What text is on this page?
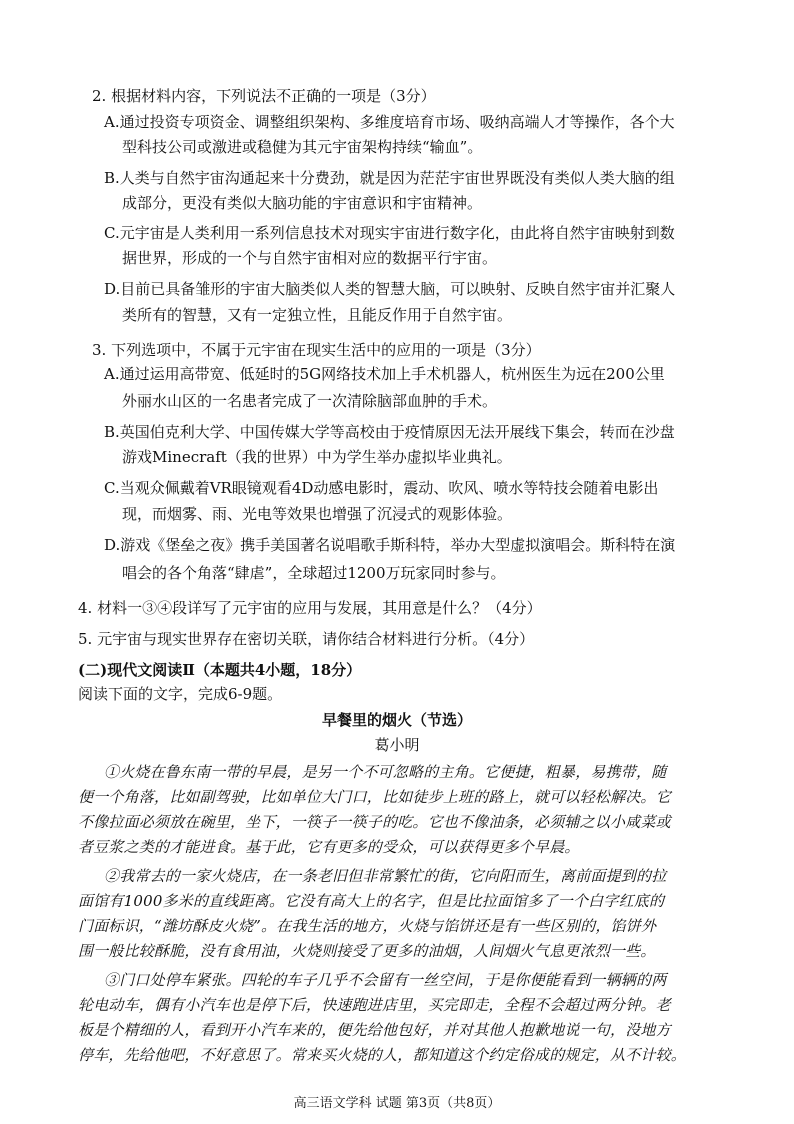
2. 根据材料内容，下列说法不正确的一项是（3分）
A.通过投资专项资金、调整组织架构、多维度培育市场、吸纳高端人才等操作，各个大
型科技公司或激进或稳健为其元宇宙架构持续“输血”。
B.人类与自然宇宙沟通起来十分费劲，就是因为茫茫宇宙世界既没有类似人类大脑的组
成部分，更没有类似大脑功能的宇宙意识和宇宙精神。
C.元宇宙是人类利用一系列信息技术对现实宇宙进行数字化，由此将自然宇宙映射到数
据世界，形成的一个与自然宇宙相对应的数据平行宇宙。
D.目前已具备雏形的宇宙大脑类似人类的智慧大脑，可以映射、反映自然宇宙并汇聚人
类所有的智慧，又有一定独立性，且能反作用于自然宇宙。
3. 下列选项中，不属于元宇宙在现实生活中的应用的一项是（3分）
A.通过运用高带宽、低延时的5G网络技术加上手术机器人，杭州医生为远在200公里
外丽水山区的一名患者完成了一次清除脑部血肿的手术。
B.英国伯克利大学、中国传媒大学等高校由于疫情原因无法开展线下集会，转而在沙盘
游戏Minecraft（我的世界）中为学生举办虚拟毕业典礼。
C.当观众佩戴着VR眼镜观看4D动感电影时，震动、吹风、喷水等特技会随着电影出
现，而烟雾、雨、光电等效果也增强了沉浸式的观影体验。
D.游戏《堡垒之夜》携手美国著名说唱歌手斯科特，举办大型虚拟演唱会。斯科特在演
唱会的各个角落“肆虐”，全球超过1200万玩家同时参与。
4. 材料一③④段详写了元宇宙的应用与发展，其用意是什么？（4分）
5. 元宇宙与现实世界存在密切关联，请你结合材料进行分析。（4分）
(二)现代文阅读Ⅱ（本题共4小题，18分）
阅读下面的文字，完成6-9题。
早餐里的烟火（节选）
葛小明
①火烧在鲁东南一带的早晨，是另一个不可忽略的主角。它便捷，粗暴，易携带，随
便一个角落，比如副驾驶，比如单位大门口，比如徒步上班的路上，就可以轻松解决。它
不像拉面必须放在碗里，坐下，一筷子一筷子的吃。它也不像油条，必须辅之以小咸菜或
者豆浆之类的才能进食。基于此，它有更多的受众，可以获得更多个早晨。
②我常去的一家火烧店，在一条老旧但非常繁忙的街，它向阳而生，离前面提到的拉
面馆有1000多米的直线距离。它没有高大上的名字，但是比拉面馆多了一个白字红底的
门面标识，“潍坊酥皮火烧”。在我生活的地方，火烧与馅饼还是有一些区别的，馅饼外
围一般比较酥脆，没有食用油，火烧则接受了更多的油烟，人间烟火气息更浓烈一些。
③门口处停车紧张。四轮的车子几乎不会留有一丝空间，于是你便能看到一辆辆的两
轮电动车，偶有小汽车也是停下后，快速跑进店里，买完即走，全程不会超过两分钟。老
板是个精细的人，看到开小汽车来的，便先给他包好，并对其他人抱歉地说一句，没地方
停车，先给他吧，不好意思了。常来买火烧的人，都知道这个约定俗成的规定，从不计较。
高三语文学科 试题 第3页（共8页）
